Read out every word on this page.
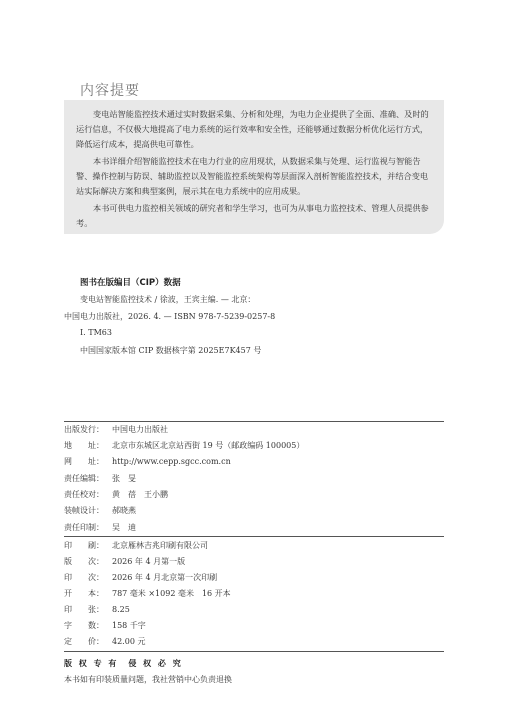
内容提要
变电站智能监控技术通过实时数据采集、分析和处理，为电力企业提供了全面、准确、及时的运行信息，不仅极大地提高了电力系统的运行效率和安全性，还能够通过数据分析优化运行方式，降低运行成本，提高供电可靠性。
本书详细介绍智能监控技术在电力行业的应用现状，从数据采集与处理、运行监视与智能告警、操作控制与防误、辅助监控以及智能监控系统架构等层面深入剖析智能监控技术，并结合变电站实际解决方案和典型案例，展示其在电力系统中的应用成果。
本书可供电力监控相关领域的研究者和学生学习，也可为从事电力监控技术、管理人员提供参考。
图书在版编目（CIP）数据
变电站智能监控技术 / 徐波，王宾主编. — 北京：
中国电力出版社，2026. 4. — ISBN 978-7-5239-0257-8
Ⅰ. TM63
中国国家版本馆 CIP 数据核字第 2025E7K457 号
出版发行： 中国电力出版社
地　　址： 北京市东城区北京站西街 19 号（邮政编码 100005）
网　　址： http://www.cepp.sgcc.com.cn
责任编辑： 张　旻
责任校对： 黄　蓓　王小鹏
装帧设计： 郝晓燕
责任印制： 吴　迪
印　　刷： 北京雁林吉兆印刷有限公司
版　　次： 2026 年 4 月第一版
印　　次： 2026 年 4 月北京第一次印刷
开　　本： 787 毫米 ×1092 毫米　16 开本
印　　张： 8.25
字　　数： 158 千字
定　　价： 42.00 元
版 权 专 有　侵 权 必 究
本书如有印装质量问题，我社营销中心负责退换
